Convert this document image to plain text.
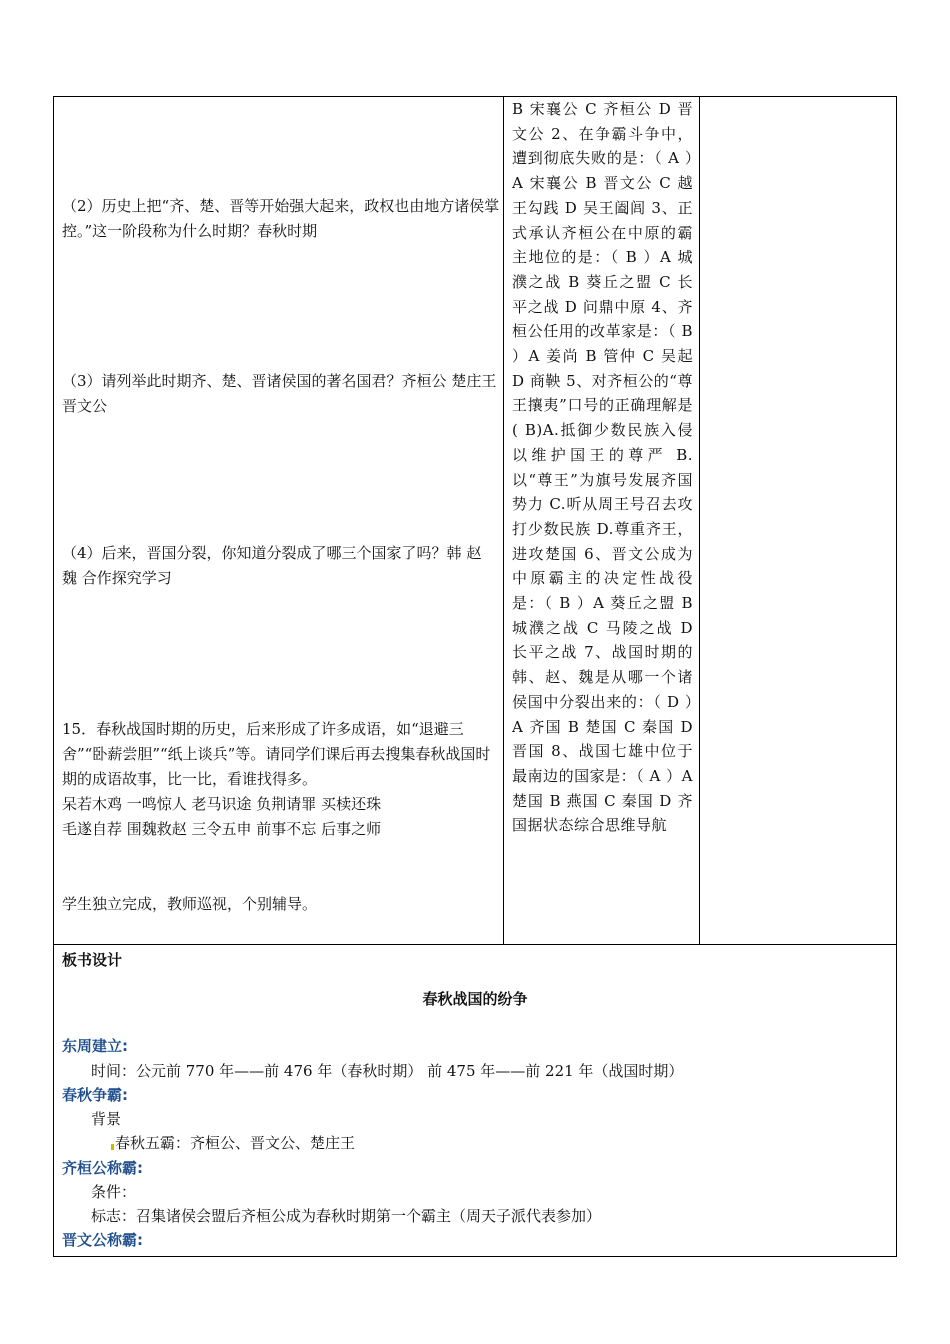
（2）历史上把“齐、楚、晋等开始强大起来，政权也由地方诸侯掌控。”这一阶段称为什么时期？春秋时期

（3）请列举此时期齐、楚、晋诸侯国的著名国君？齐桓公 楚庄王 晋文公

（4）后来，晋国分裂，你知道分裂成了哪三个国家了吗？韩 赵 魏 合作探究学习

15．春秋战国时期的历史，后来形成了许多成语，如“退避三舍”“卧薪尝胆”“纸上谈兵”等。请同学们课后再去搜集春秋战国时期的成语故事，比一比，看谁找得多。

呆若木鸡 一鸣惊人 老马识途 负荆请罪 买椟还珠

毛遂自荐 围魏救赵 三令五申 前事不忘 后事之师

学生独立完成，教师巡视，个别辅导。

B 宋襄公 C 齐桓公 D 晋文公 2、在争霸斗争中，遭到彻底失败的是：（ A ）A 宋襄公 B 晋文公 C 越王勾践 D 吴王阖闾 3、正式承认齐桓公在中原的霸主地位的是：（ B ）A 城濮之战 B 葵丘之盟 C 长平之战 D 问鼎中原 4、齐桓公任用的改革家是：（ B ）A 姜尚 B 管仲 C 吴起 D 商鞅 5、对齐桓公的“尊王攘夷”口号的正确理解是 ( B)A.抵御少数民族入侵以维护国王的尊严 B.以“尊王”为旗号发展齐国势力 C.听从周王号召去攻打少数民族 D.尊重齐王，进攻楚国 6、晋文公成为中原霸主的决定性战役是：（ B ）A 葵丘之盟 B 城濮之战 C 马陵之战 D 长平之战 7、战国时期的韩、赵、魏是从哪一个诸侯国中分裂出来的：（ D ）A 齐国 B 楚国 C 秦国 D 晋国 8、战国七雄中位于最南边的国家是：（ A ）A 楚国 B 燕国 C 秦国 D 齐国据状态综合思维导航

板书设计
春秋战国的纷争
东周建立:
时间：公元前 770 年——前 476 年（春秋时期） 前 475 年——前 221 年（战国时期）
春秋争霸:
背景
春秋五霸：齐桓公、晋文公、楚庄王
齐桓公称霸:
条件：
标志：召集诸侯会盟后齐桓公成为春秋时期第一个霸主（周天子派代表参加）
晋文公称霸:
